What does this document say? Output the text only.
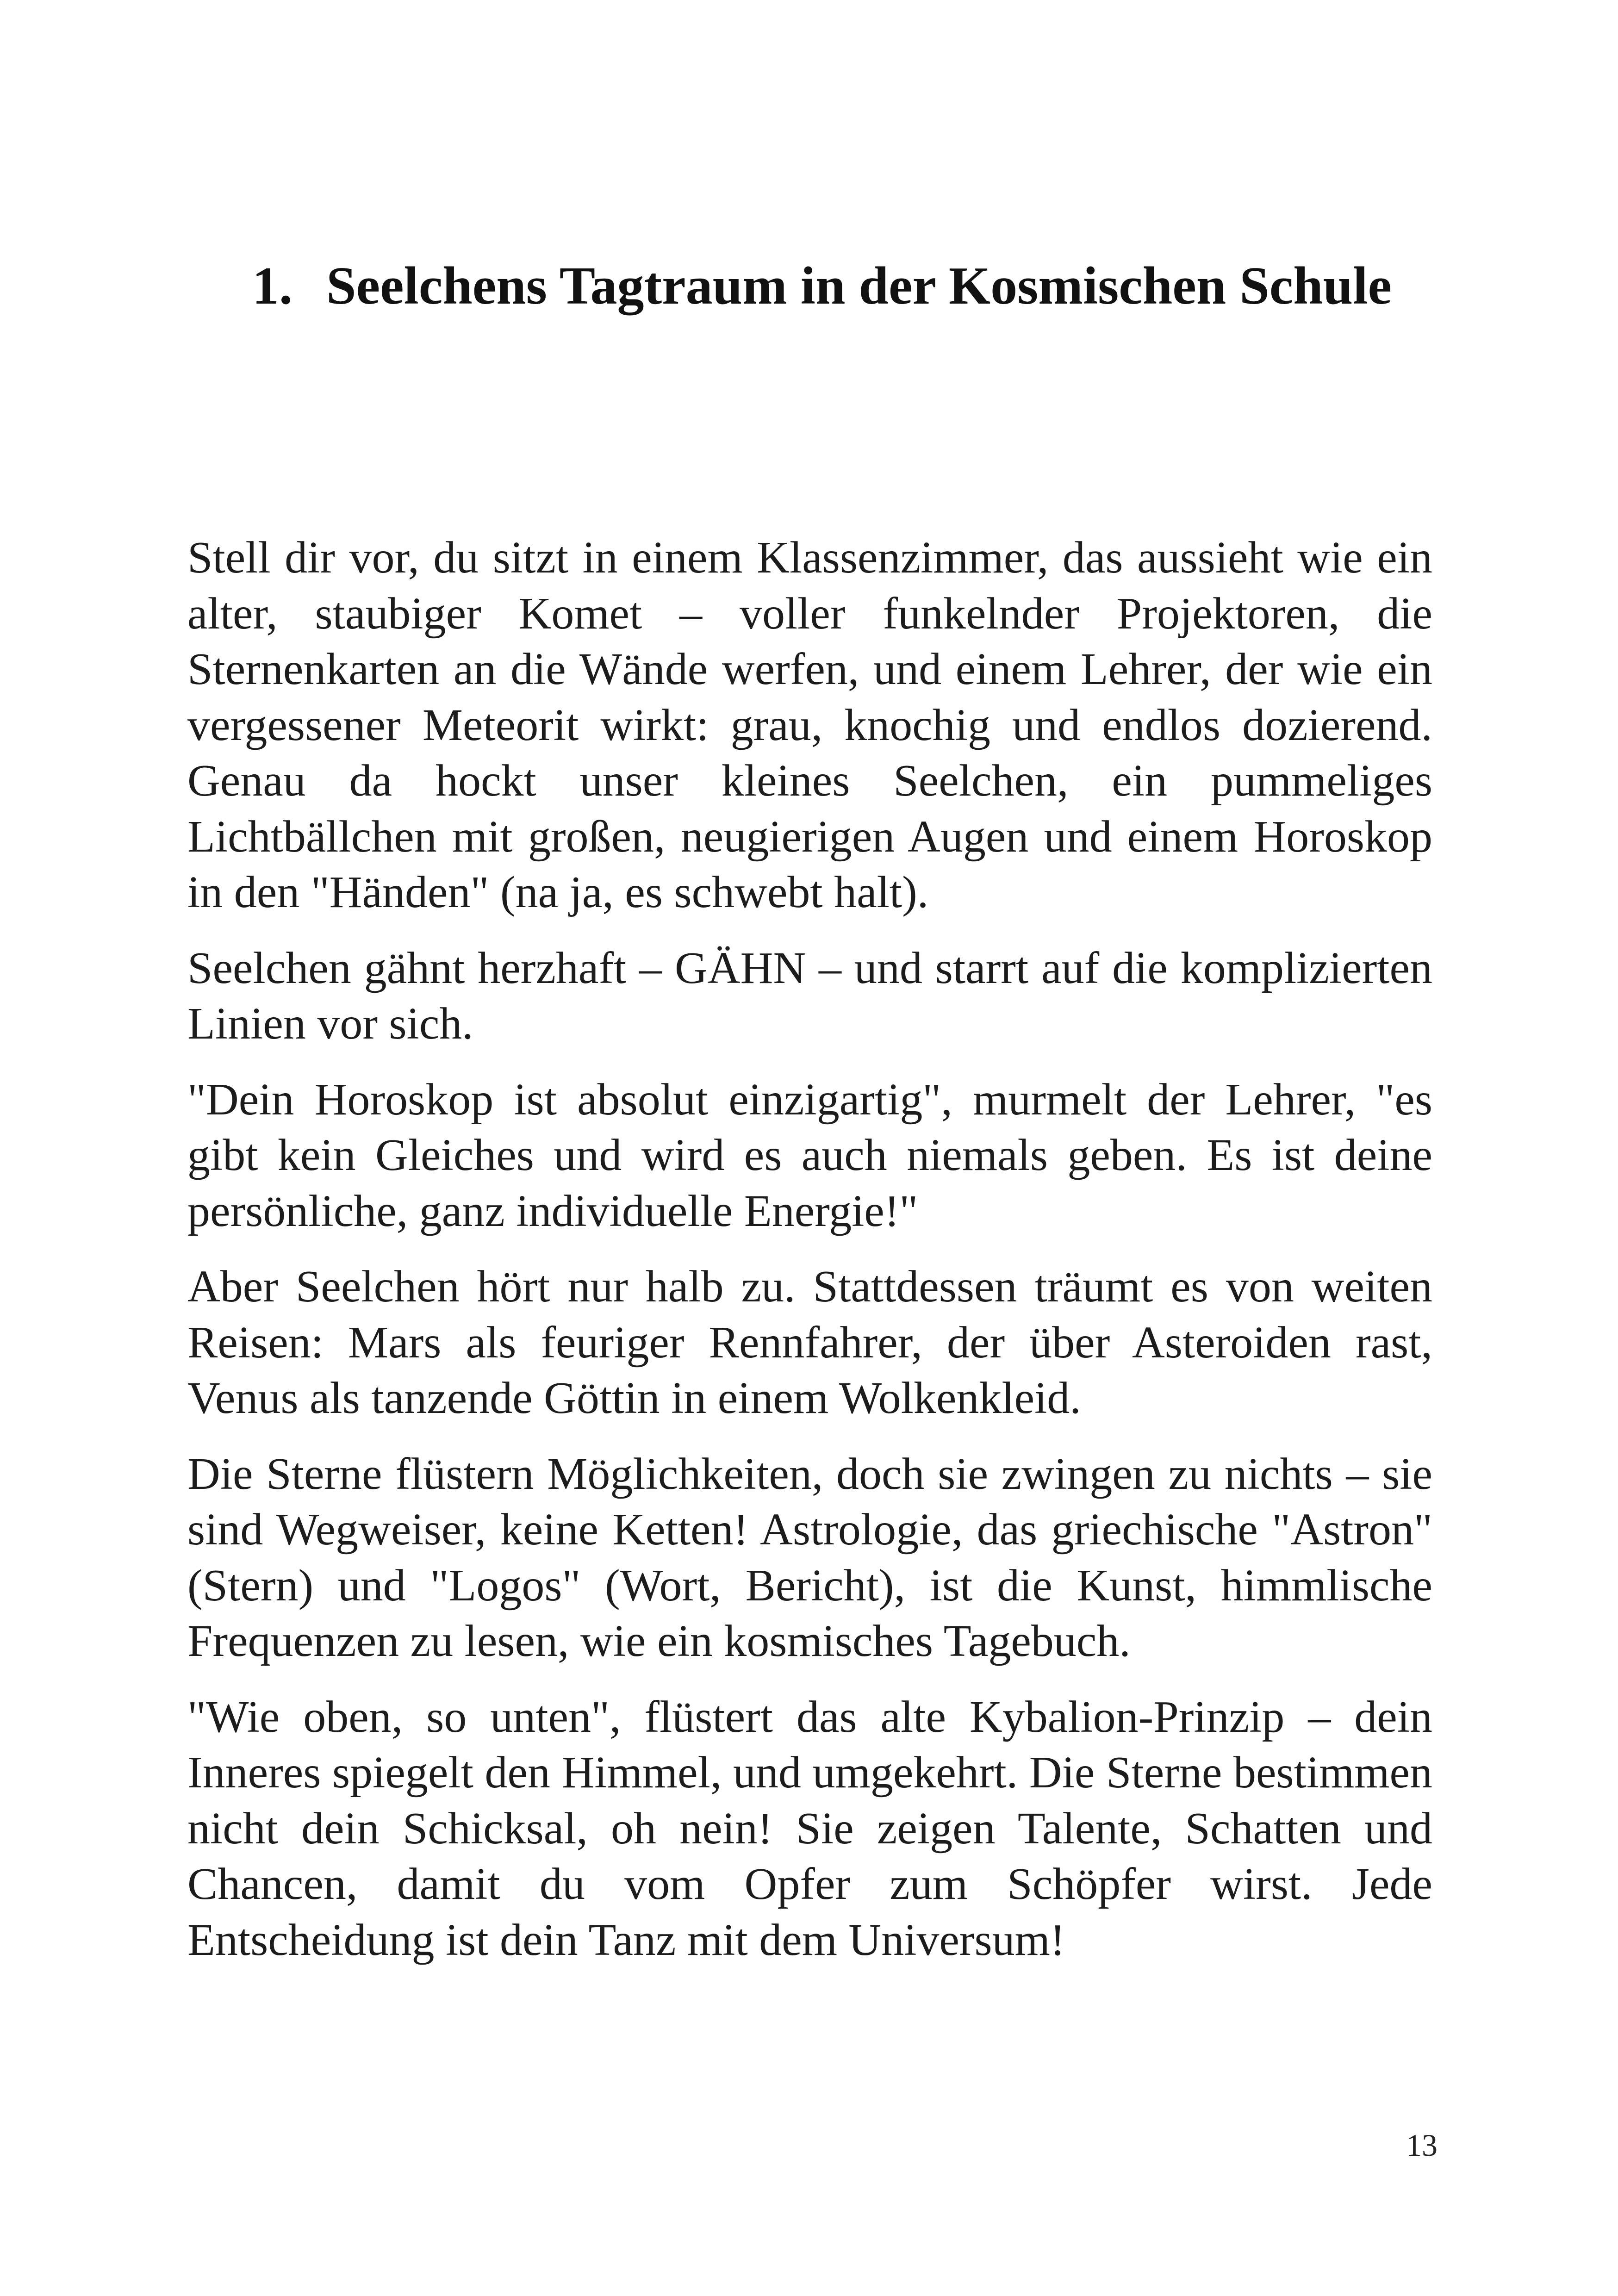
1. Seelchens Tagtraum in der Kosmischen Schule

Stell dir vor, du sitzt in einem Klassenzimmer, das aussieht wie ein alter, staubiger Komet – voller funkelnder Projektoren, die Sternenkarten an die Wände werfen, und einem Lehrer, der wie ein vergessener Meteorit wirkt: grau, knochig und endlos dozierend. Genau da hockt unser kleines Seelchen, ein pummeliges Lichtbällchen mit großen, neugierigen Augen und einem Horoskop in den "Händen" (na ja, es schwebt halt).

Seelchen gähnt herzhaft – GÄHN – und starrt auf die komplizierten Linien vor sich.

"Dein Horoskop ist absolut einzigartig", murmelt der Lehrer, "es gibt kein Gleiches und wird es auch niemals geben. Es ist deine persönliche, ganz individuelle Energie!"

Aber Seelchen hört nur halb zu. Stattdessen träumt es von weiten Reisen: Mars als feuriger Rennfahrer, der über Asteroiden rast, Venus als tanzende Göttin in einem Wolkenkleid.

Die Sterne flüstern Möglichkeiten, doch sie zwingen zu nichts – sie sind Wegweiser, keine Ketten! Astrologie, das griechische "Astron" (Stern) und "Logos" (Wort, Bericht), ist die Kunst, himmlische Frequenzen zu lesen, wie ein kosmisches Tagebuch.

"Wie oben, so unten", flüstert das alte Kybalion-Prinzip – dein Inneres spiegelt den Himmel, und umgekehrt. Die Sterne bestimmen nicht dein Schicksal, oh nein! Sie zeigen Talente, Schatten und Chancen, damit du vom Opfer zum Schöpfer wirst. Jede Entscheidung ist dein Tanz mit dem Universum!

13
